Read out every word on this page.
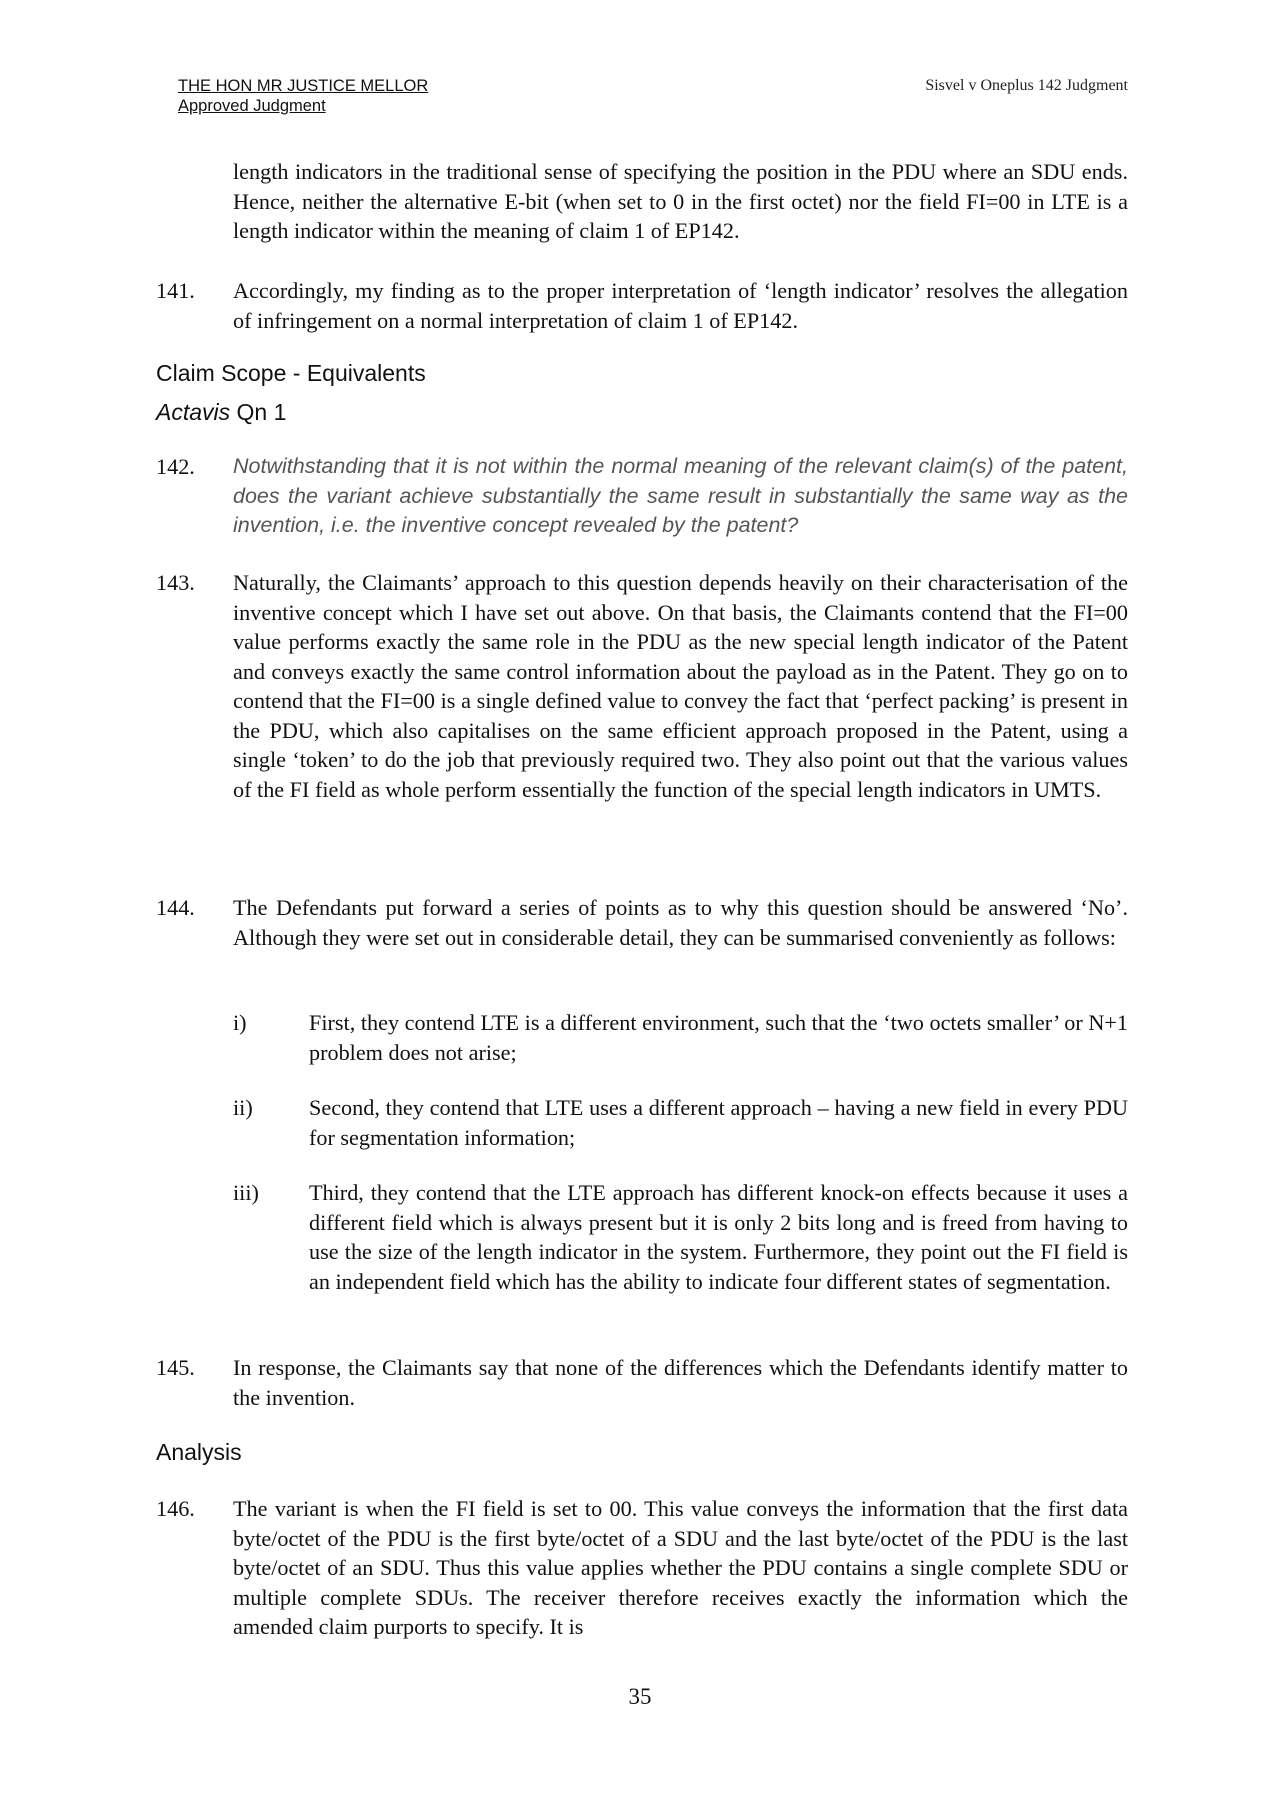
THE HON MR JUSTICE MELLOR
Approved Judgment
Sisvel v Oneplus 142 Judgment

length indicators in the traditional sense of specifying the position in the PDU where an SDU ends. Hence, neither the alternative E-bit (when set to 0 in the first octet) nor the field FI=00 in LTE is a length indicator within the meaning of claim 1 of EP142.

141. Accordingly, my finding as to the proper interpretation of ‘length indicator’ resolves the allegation of infringement on a normal interpretation of claim 1 of EP142.

Claim Scope - Equivalents
Actavis Qn 1
142. Notwithstanding that it is not within the normal meaning of the relevant claim(s) of the patent, does the variant achieve substantially the same result in substantially the same way as the invention, i.e. the inventive concept revealed by the patent?

143. Naturally, the Claimants’ approach to this question depends heavily on their characterisation of the inventive concept which I have set out above. On that basis, the Claimants contend that the FI=00 value performs exactly the same role in the PDU as the new special length indicator of the Patent and conveys exactly the same control information about the payload as in the Patent. They go on to contend that the FI=00 is a single defined value to convey the fact that ‘perfect packing’ is present in the PDU, which also capitalises on the same efficient approach proposed in the Patent, using a single ‘token’ to do the job that previously required two. They also point out that the various values of the FI field as whole perform essentially the function of the special length indicators in UMTS.

144. The Defendants put forward a series of points as to why this question should be answered ‘No’. Although they were set out in considerable detail, they can be summarised conveniently as follows:

i)	First, they contend LTE is a different environment, such that the ‘two octets smaller’ or N+1 problem does not arise;

ii)	Second, they contend that LTE uses a different approach – having a new field in every PDU for segmentation information;

iii) Third, they contend that the LTE approach has different knock-on effects because it uses a different field which is always present but it is only 2 bits long and is freed from having to use the size of the length indicator in the system. Furthermore, they point out the FI field is an independent field which has the ability to indicate four different states of segmentation.

145. In response, the Claimants say that none of the differences which the Defendants identify matter to the invention.

Analysis
146. The variant is when the FI field is set to 00. This value conveys the information that the first data byte/octet of the PDU is the first byte/octet of a SDU and the last byte/octet of the PDU is the last byte/octet of an SDU. Thus this value applies whether the PDU contains a single complete SDU or multiple complete SDUs. The receiver therefore receives exactly the information which the amended claim purports to specify. It is

35
